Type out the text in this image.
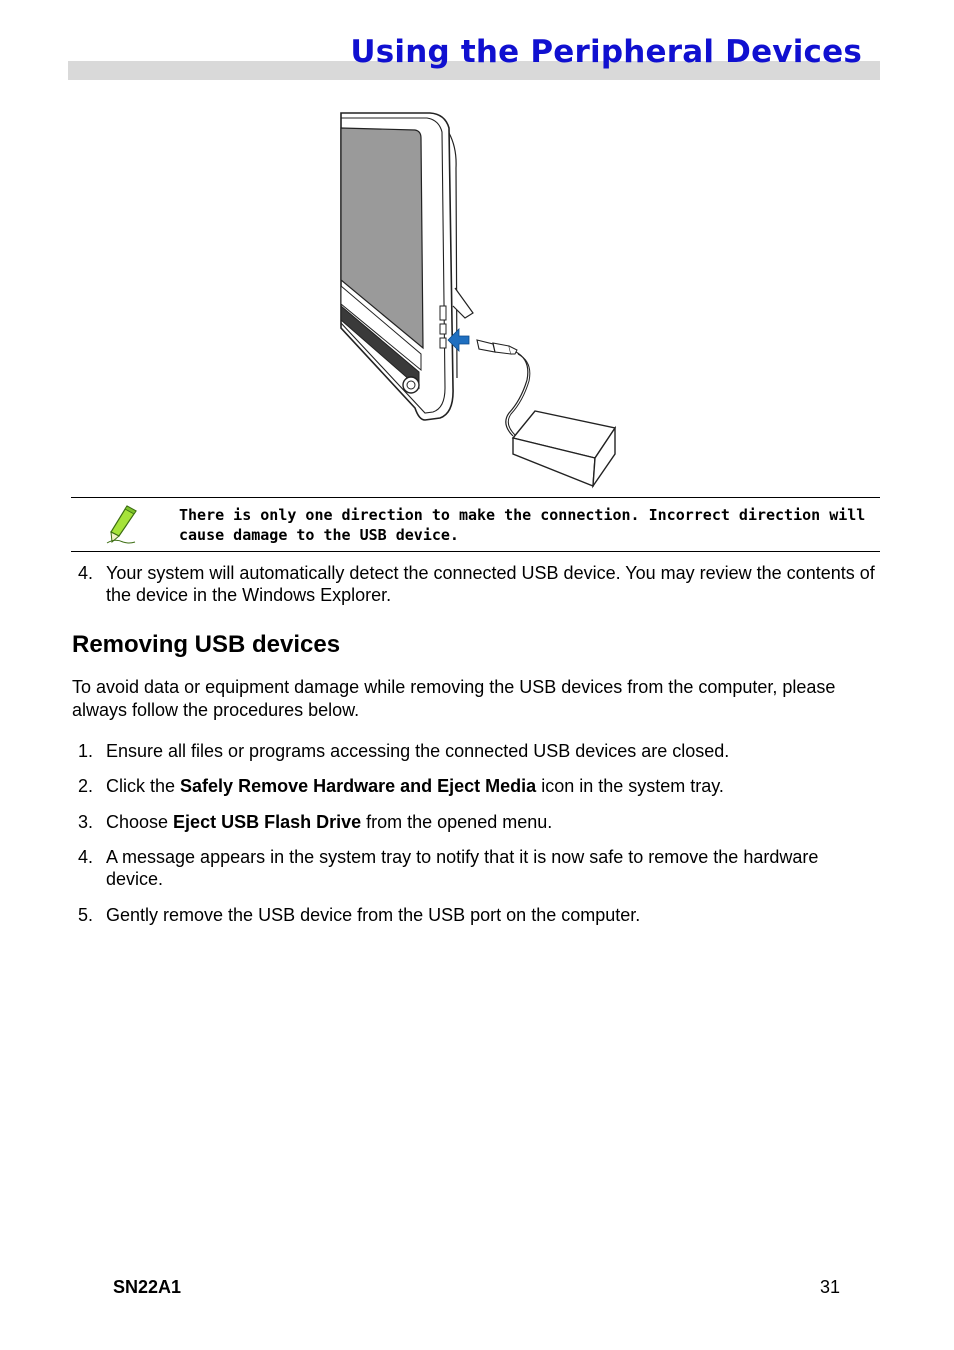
Using the Peripheral Devices
There is only one direction to make the connection. Incorrect direction will cause damage to the USB device.
4. Your system will automatically detect the connected USB device. You may review the contents of the device in the Windows Explorer.
Removing USB devices
To avoid data or equipment damage while removing the USB devices from the computer, please always follow the procedures below.
1. Ensure all files or programs accessing the connected USB devices are closed.
2. Click the Safely Remove Hardware and Eject Media icon in the system tray.
3. Choose Eject USB Flash Drive from the opened menu.
4. A message appears in the system tray to notify that it is now safe to remove the hardware device.
5. Gently remove the USB device from the USB port on the computer.
SN22A1	31
